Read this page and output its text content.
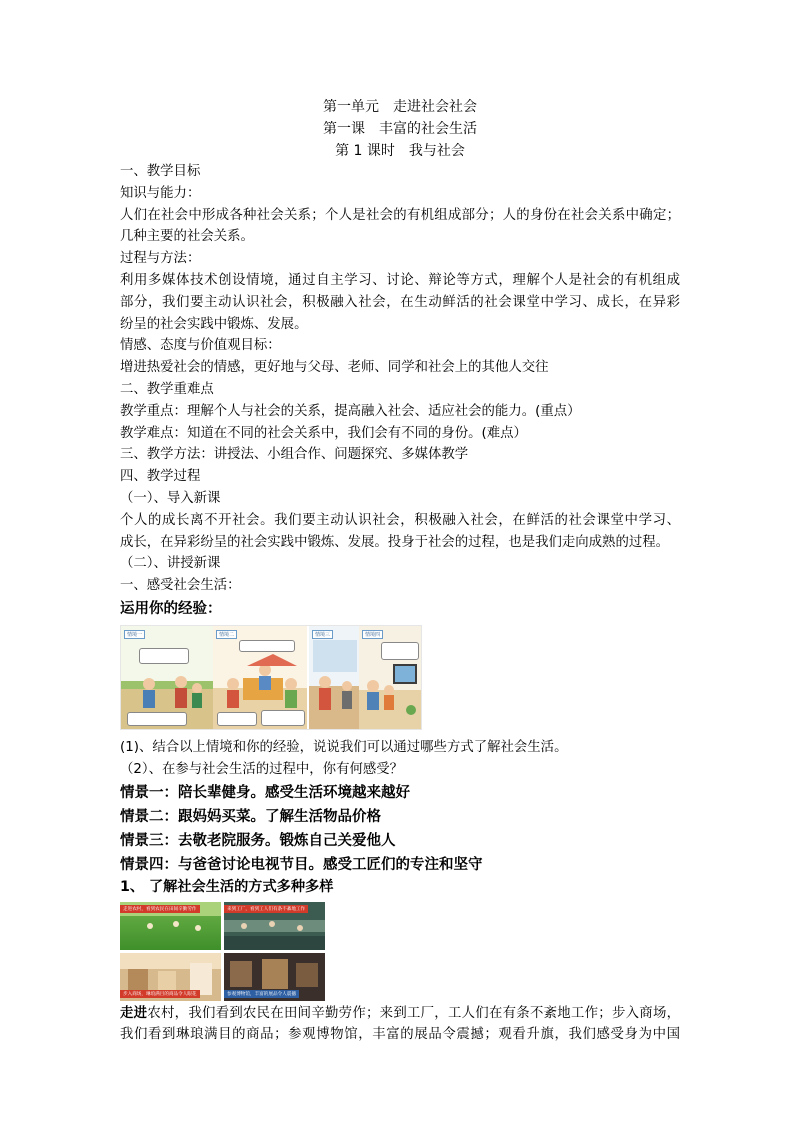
第一单元　走进社会社会
第一课　丰富的社会生活
第 1 课时　我与社会
一、教学目标
知识与能力：
人们在社会中形成各种社会关系；个人是社会的有机组成部分；人的身份在社会关系中确定；
几种主要的社会关系。
过程与方法：
利用多媒体技术创设情境，通过自主学习、讨论、辩论等方式，理解个人是社会的有机组成
部分，我们要主动认识社会，积极融入社会，在生动鲜活的社会课堂中学习、成长，在异彩
纷呈的社会实践中锻炼、发展。
情感、态度与价值观目标：
增进热爱社会的情感，更好地与父母、老师、同学和社会上的其他人交往
二、教学重难点
教学重点：理解个人与社会的关系，提高融入社会、适应社会的能力。(重点）
教学难点：知道在不同的社会关系中，我们会有不同的身份。(难点）
三、教学方法：讲授法、小组合作、问题探究、多媒体教学
四、教学过程
（一）、导入新课
个人的成长离不开社会。我们要主动认识社会，积极融入社会，在鲜活的社会课堂中学习、
成长，在异彩纷呈的社会实践中锻炼、发展。投身于社会的过程，也是我们走向成熟的过程。
（二）、讲授新课
一、感受社会生活：
运用你的经验：
情境一	情境二	情境三	情境四
(1)、结合以上情境和你的经验，说说我们可以通过哪些方式了解社会生活。
（2）、在参与社会生活的过程中，你有何感受？
情景一：陪长辈健身。感受生活环境越来越好
情景二：跟妈妈买菜。了解生活物品价格
情景三：去敬老院服务。锻炼自己关爱他人
情景四：与爸爸讨论电视节目。感受工匠们的专注和坚守
1、 了解社会生活的方式多种多样
走进农村，看到农民在田间辛勤劳作	来到工厂，看到工人们有条不紊地工作
步入商场，琳琅满目的商品令人眼花	参观博物馆，丰富的展品令人震撼
走进农村，我们看到农民在田间辛勤劳作；来到工厂，工人们在有条不紊地工作；步入商场，
我们看到琳琅满目的商品；参观博物馆，丰富的展品令震撼；观看升旗，我们感受身为中国
